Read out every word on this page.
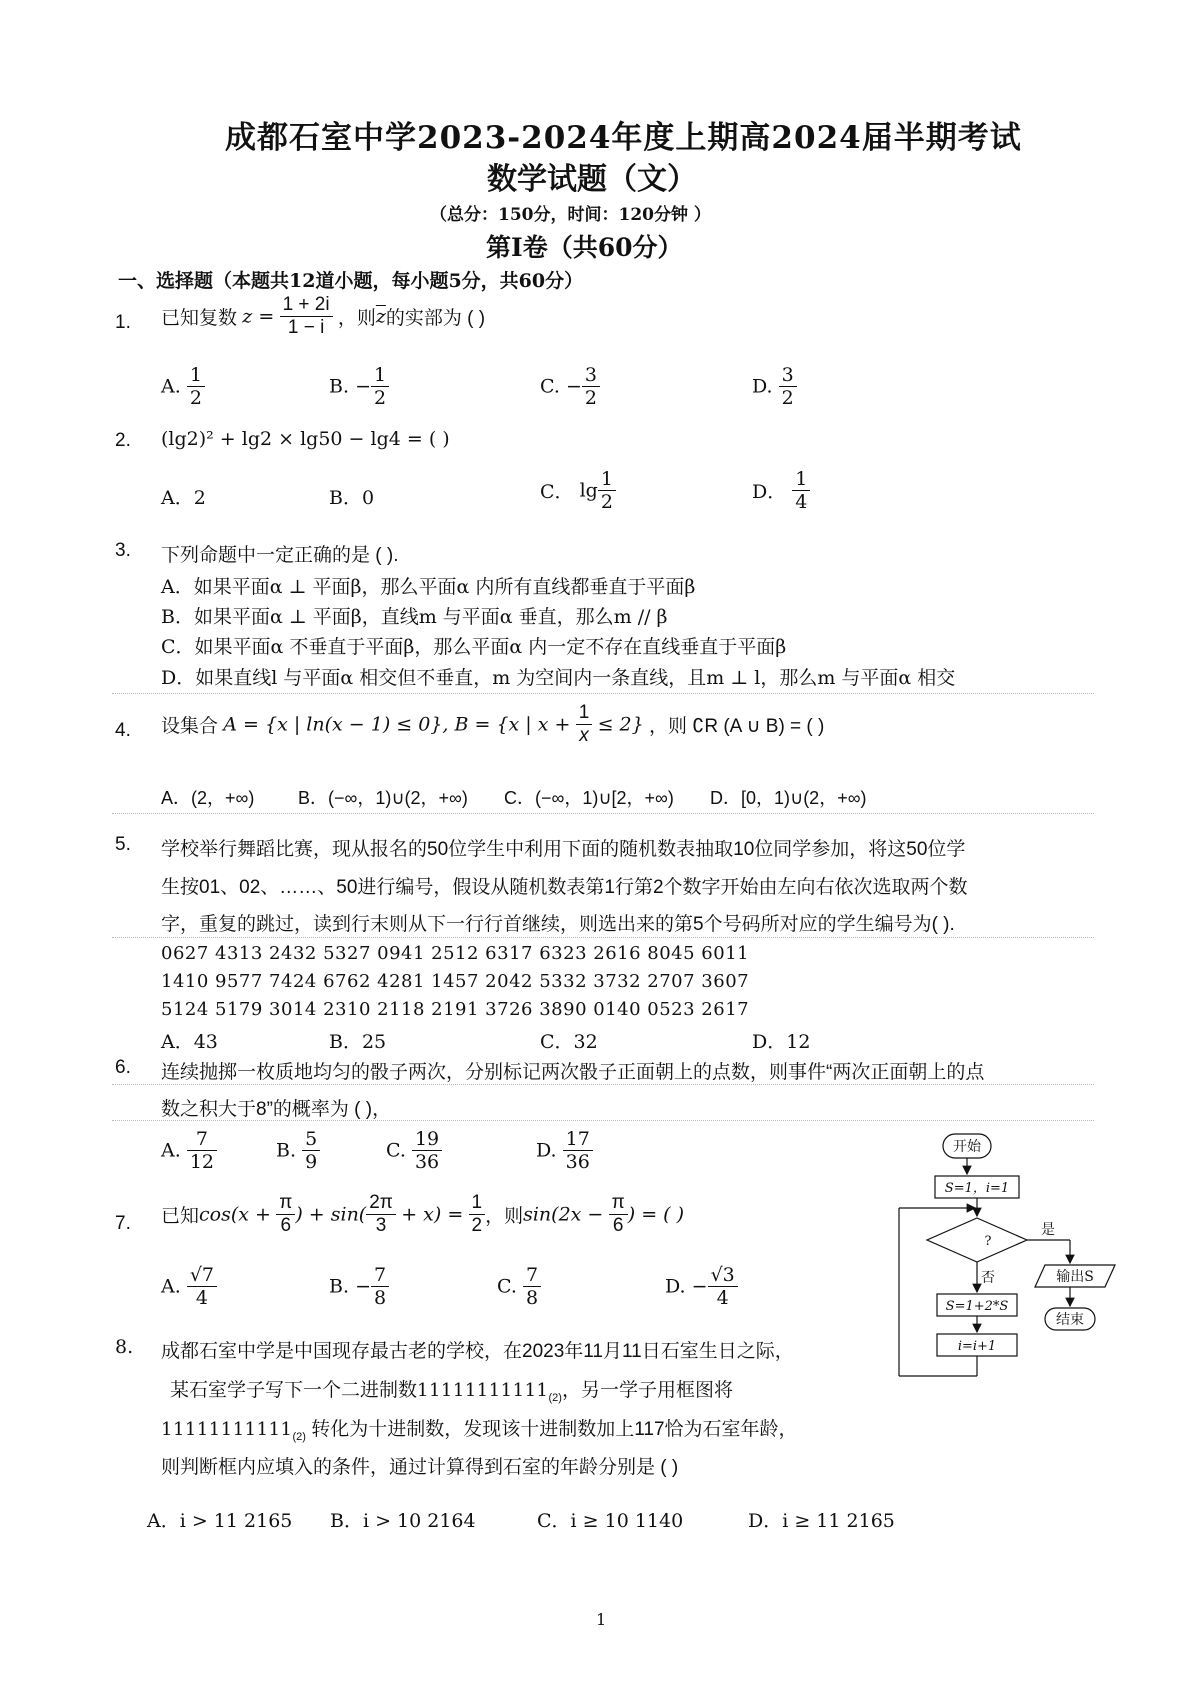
成都石室中学2023-2024年度上期高2024届半期考试
数学试题（文）
（总分：150分，时间：120分钟 ）
第Ⅰ卷（共60分）
一、选择题（本题共12道小题，每小题5分，共60分）
1. 已知复数 $z = \frac{1 + 2i}{1 - i}$ ，则$\overline{z}$的实部为 ( )
A. $\frac{1}{2}$	B. − $\frac{1}{2}$	C. − $\frac{3}{2}$	D. $\frac{3}{2}$
2. (lg2)² + lg2 × lg50 − lg4 = ( )
A．2	B．0	C． $\lg \frac{1}{2}$	D． $\frac{1}{4}$
3. 下列命题中一定正确的是 ( ).
A．如果平面α ⊥ 平面β，那么平面α 内所有直线都垂直于平面β
B．如果平面α ⊥ 平面β，直线m 与平面α 垂直，那么m // β
C．如果平面α 不垂直于平面β，那么平面α 内一定不存在直线垂直于平面β
D．如果直线l 与平面α 相交但不垂直，m 为空间内一条直线，且m ⊥ l，那么m 与平面α 相交
4. 设集合 A = {x | ln(x − 1) ≤ 0}, B = {x | $x + \frac{1}{x} \le 2$} ，则 ∁R (A ∪ B) = ( )
A．(2，+∞) B．(−∞，1)∪(2，+∞) C．(−∞，1)∪[2，+∞) D．[0，1)∪(2，+∞)
5. 学校举行舞蹈比赛，现从报名的50位学生中利用下面的随机数表抽取10位同学参加，将这50位学
生按01、02、……、50进行编号，假设从随机数表第1行第2个数字开始由左向右依次选取两个数
字，重复的跳过，读到行末则从下一行行首继续，则选出来的第5个号码所对应的学生编号为( ).
0627 4313 2432 5327 0941 2512 6317 6323 2616 8045 6011
1410 9577 7424 6762 4281 1457 2042 5332 3732 2707 3607
5124 5179 3014 2310 2118 2191 3726 3890 0140 0523 2617
A．43	B．25	C．32	D．12
6. 连续抛掷一枚质地均匀的骰子两次，分别标记两次骰子正面朝上的点数，则事件“两次正面朝上的点
数之积大于8”的概率为 ( )，
A. $\frac{7}{12}$	B. $\frac{5}{9}$	C. $\frac{19}{36}$	D. $\frac{17}{36}$
7. 已知$\cos(x + \frac{\pi}{6}$ ) + $\sin( \frac{2\pi}{3} + x) = \frac{1}{2}$ ，则$\sin(2x - \frac{\pi}{6}$ ) = ( )
A. $\frac{√7}{4}$	B. − $\frac{7}{8}$	C. $\frac{7}{8}$	D. − $\frac{√3}{4}$
8. 成都石室中学是中国现存最古老的学校，在2023年11月11日石室生日之际，
某石室学子写下一个二进制数$11111111111_{(2)}$，另一学子用框图将
$11111111111_{(2)}$ 转化为十进制数，发现该十进制数加上117恰为石室年龄，
则判断框内应填入的条件，通过计算得到石室的年龄分别是 ( )
A．i > 11 2165 B．i > 10 2164	C．i ≥ 10 1140	D．i ≥ 11 2165
开始
S=1，i=1
?
是
否	输出S
结束
S=1+2*S
i=i+1
1
